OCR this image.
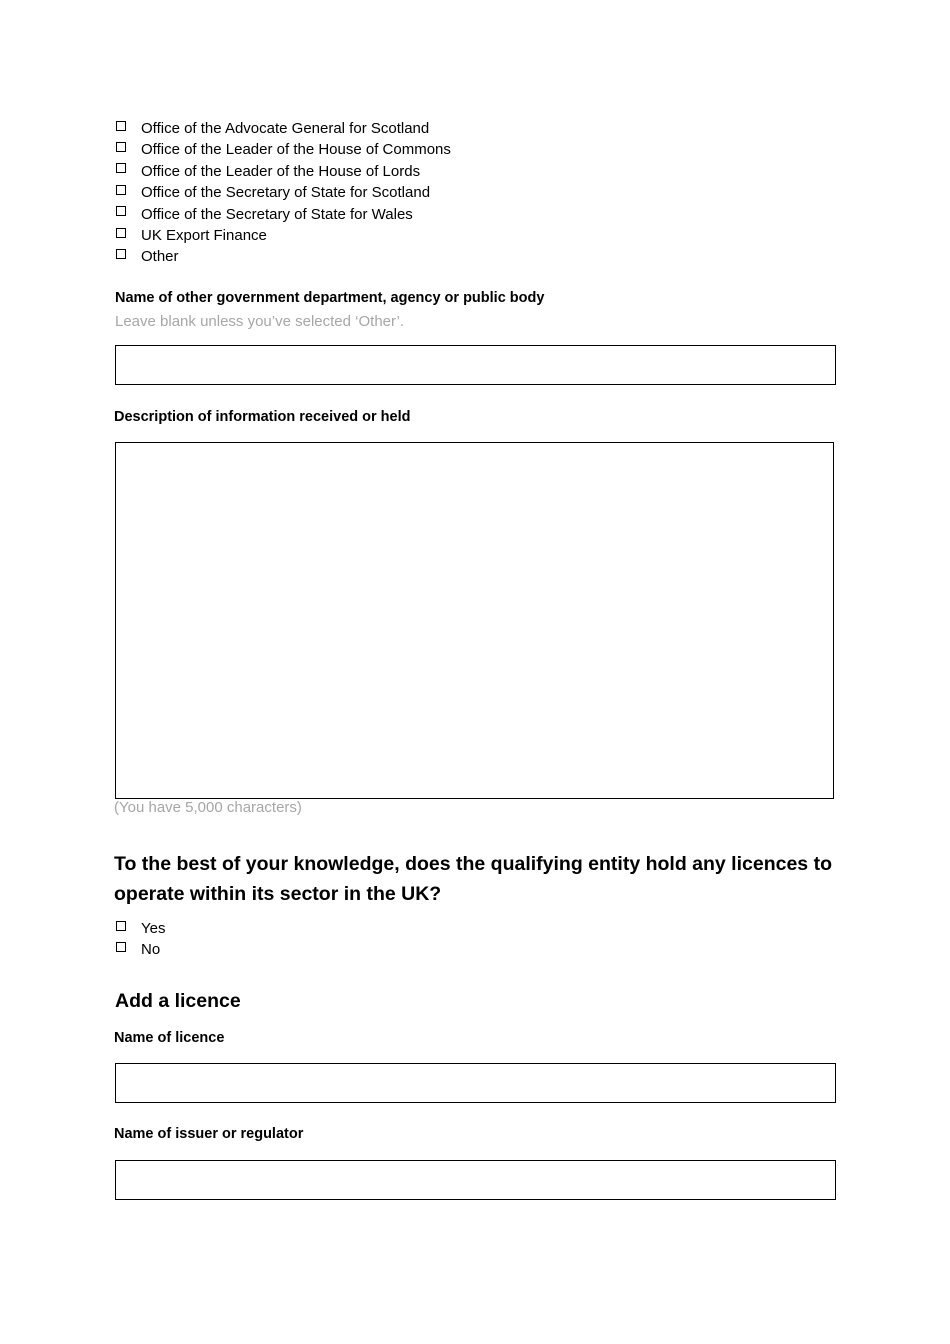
Office of the Advocate General for Scotland
Office of the Leader of the House of Commons
Office of the Leader of the House of Lords
Office of the Secretary of State for Scotland
Office of the Secretary of State for Wales
UK Export Finance
Other
Name of other government department, agency or public body
Leave blank unless you’ve selected ‘Other’.
Description of information received or held
(You have 5,000 characters)
To the best of your knowledge, does the qualifying entity hold any licences to operate within its sector in the UK?
Yes
No
Add a licence
Name of licence
Name of issuer or regulator
